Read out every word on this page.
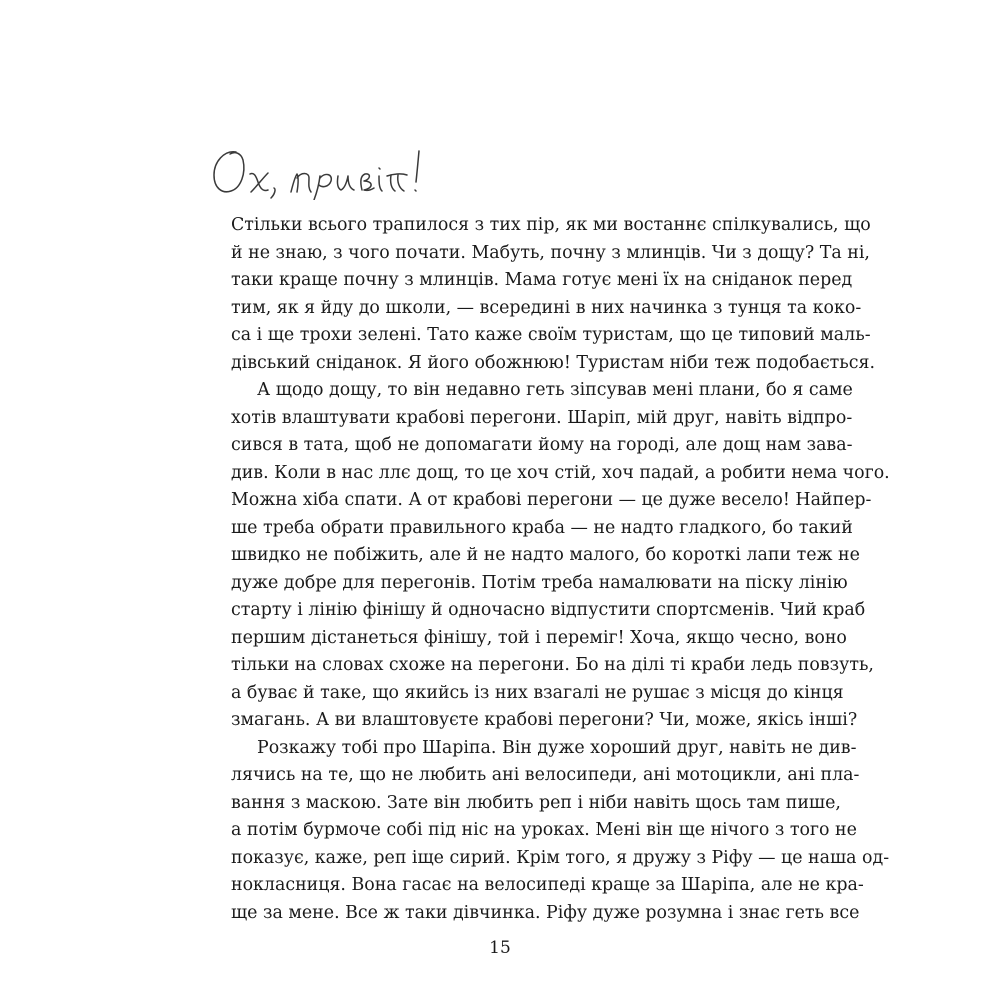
Стільки всього трапилося з тих пір, як ми востаннє спілкувались, що
й не знаю, з чого почати. Мабуть, почну з млинців. Чи з дощу? Та ні,
таки краще почну з млинців. Мама готує мені їх на сніданок перед
тим, як я йду до школи, — всередині в них начинка з тунця та коко-
са і ще трохи зелені. Тато каже своїм туристам, що це типовий маль-
дівський сніданок. Я його обожнюю! Туристам ніби теж подобається.
А щодо дощу, то він недавно геть зіпсував мені плани, бо я саме
хотів влаштувати крабові перегони. Шаріп, мій друг, навіть відпро-
сився в тата, щоб не допомагати йому на городі, але дощ нам зава-
див. Коли в нас ллє дощ, то це хоч стій, хоч падай, а робити нема чого.
Можна хіба спати. А от крабові перегони — це дуже весело! Найпер-
ше треба обрати правильного краба — не надто гладкого, бо такий
швидко не побіжить, але й не надто малого, бо короткі лапи теж не
дуже добре для перегонів. Потім треба намалювати на піску лінію
старту і лінію фінішу й одночасно відпустити спортсменів. Чий краб
першим дістанеться фінішу, той і переміг! Хоча, якщо чесно, воно
тільки на словах схоже на перегони. Бо на ділі ті краби ледь повзуть,
а буває й таке, що якийсь із них взагалі не рушає з місця до кінця
змагань. А ви влаштовуєте крабові перегони? Чи, може, якісь інші?
Розкажу тобі про Шаріпа. Він дуже хороший друг, навіть не див-
лячись на те, що не любить ані велосипеди, ані мотоцикли, ані пла-
вання з маскою. Зате він любить реп і ніби навіть щось там пише,
а потім бурмоче собі під ніс на уроках. Мені він ще нічого з того не
показує, каже, реп іще сирий. Крім того, я дружу з Ріфу — це наша од-
нокласниця. Вона гасає на велосипеді краще за Шаріпа, але не кра-
ще за мене. Все ж таки дівчинка. Ріфу дуже розумна і знає геть все
15
